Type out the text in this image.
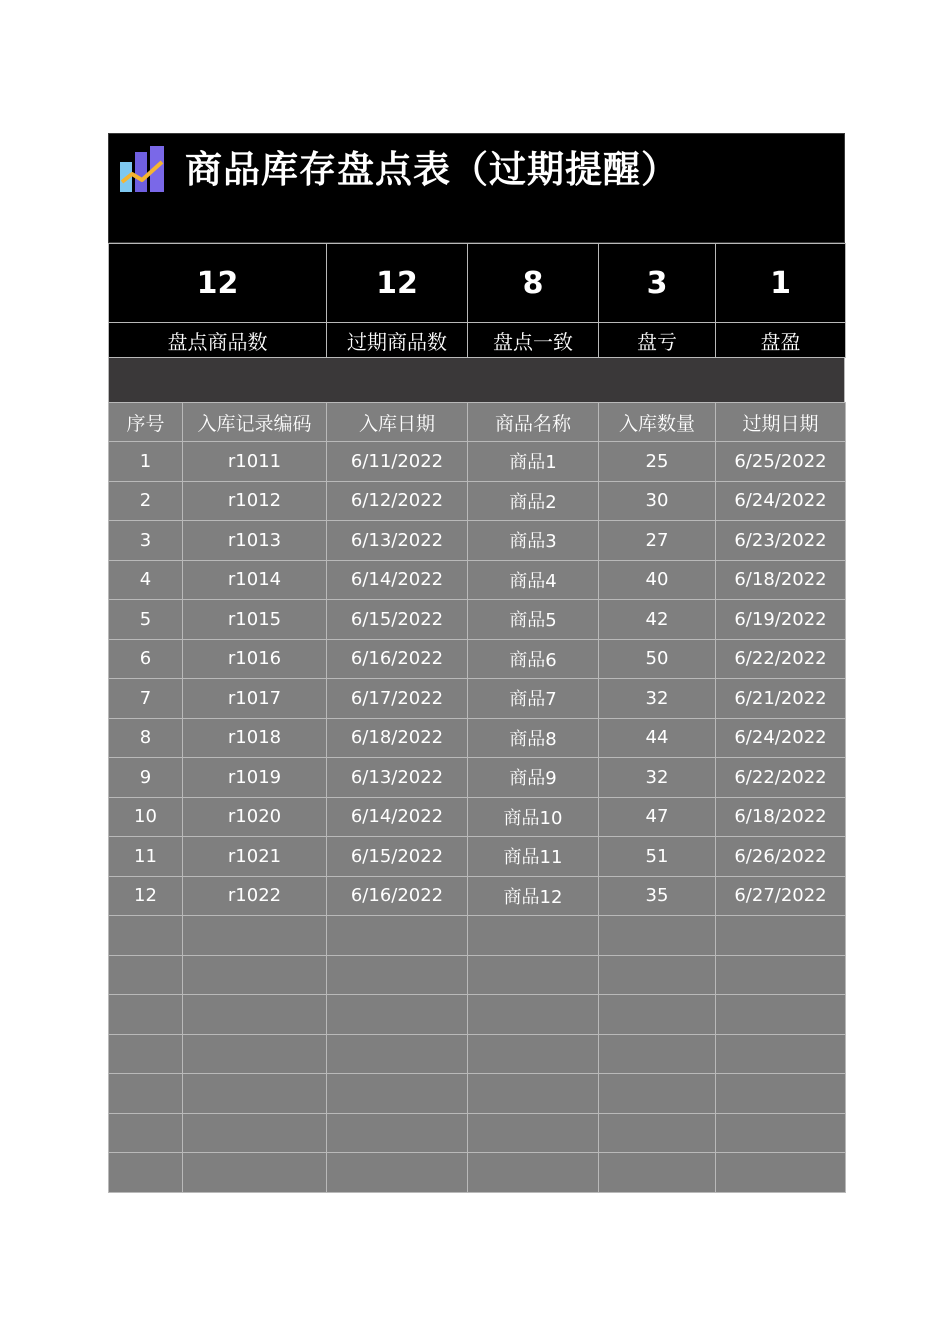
商品库存盘点表（过期提醒）
12	12	8	3	1
盘点商品数	过期商品数	盘点一致	盘亏	盘盈
序号	入库记录编码	入库日期	商品名称	入库数量	过期日期
1	r1011	6/11/2022	商品1	25	6/25/2022
2	r1012	6/12/2022	商品2	30	6/24/2022
3	r1013	6/13/2022	商品3	27	6/23/2022
4	r1014	6/14/2022	商品4	40	6/18/2022
5	r1015	6/15/2022	商品5	42	6/19/2022
6	r1016	6/16/2022	商品6	50	6/22/2022
7	r1017	6/17/2022	商品7	32	6/21/2022
8	r1018	6/18/2022	商品8	44	6/24/2022
9	r1019	6/13/2022	商品9	32	6/22/2022
10	r1020	6/14/2022	商品10	47	6/18/2022
11	r1021	6/15/2022	商品11	51	6/26/2022
12	r1022	6/16/2022	商品12	35	6/27/2022
